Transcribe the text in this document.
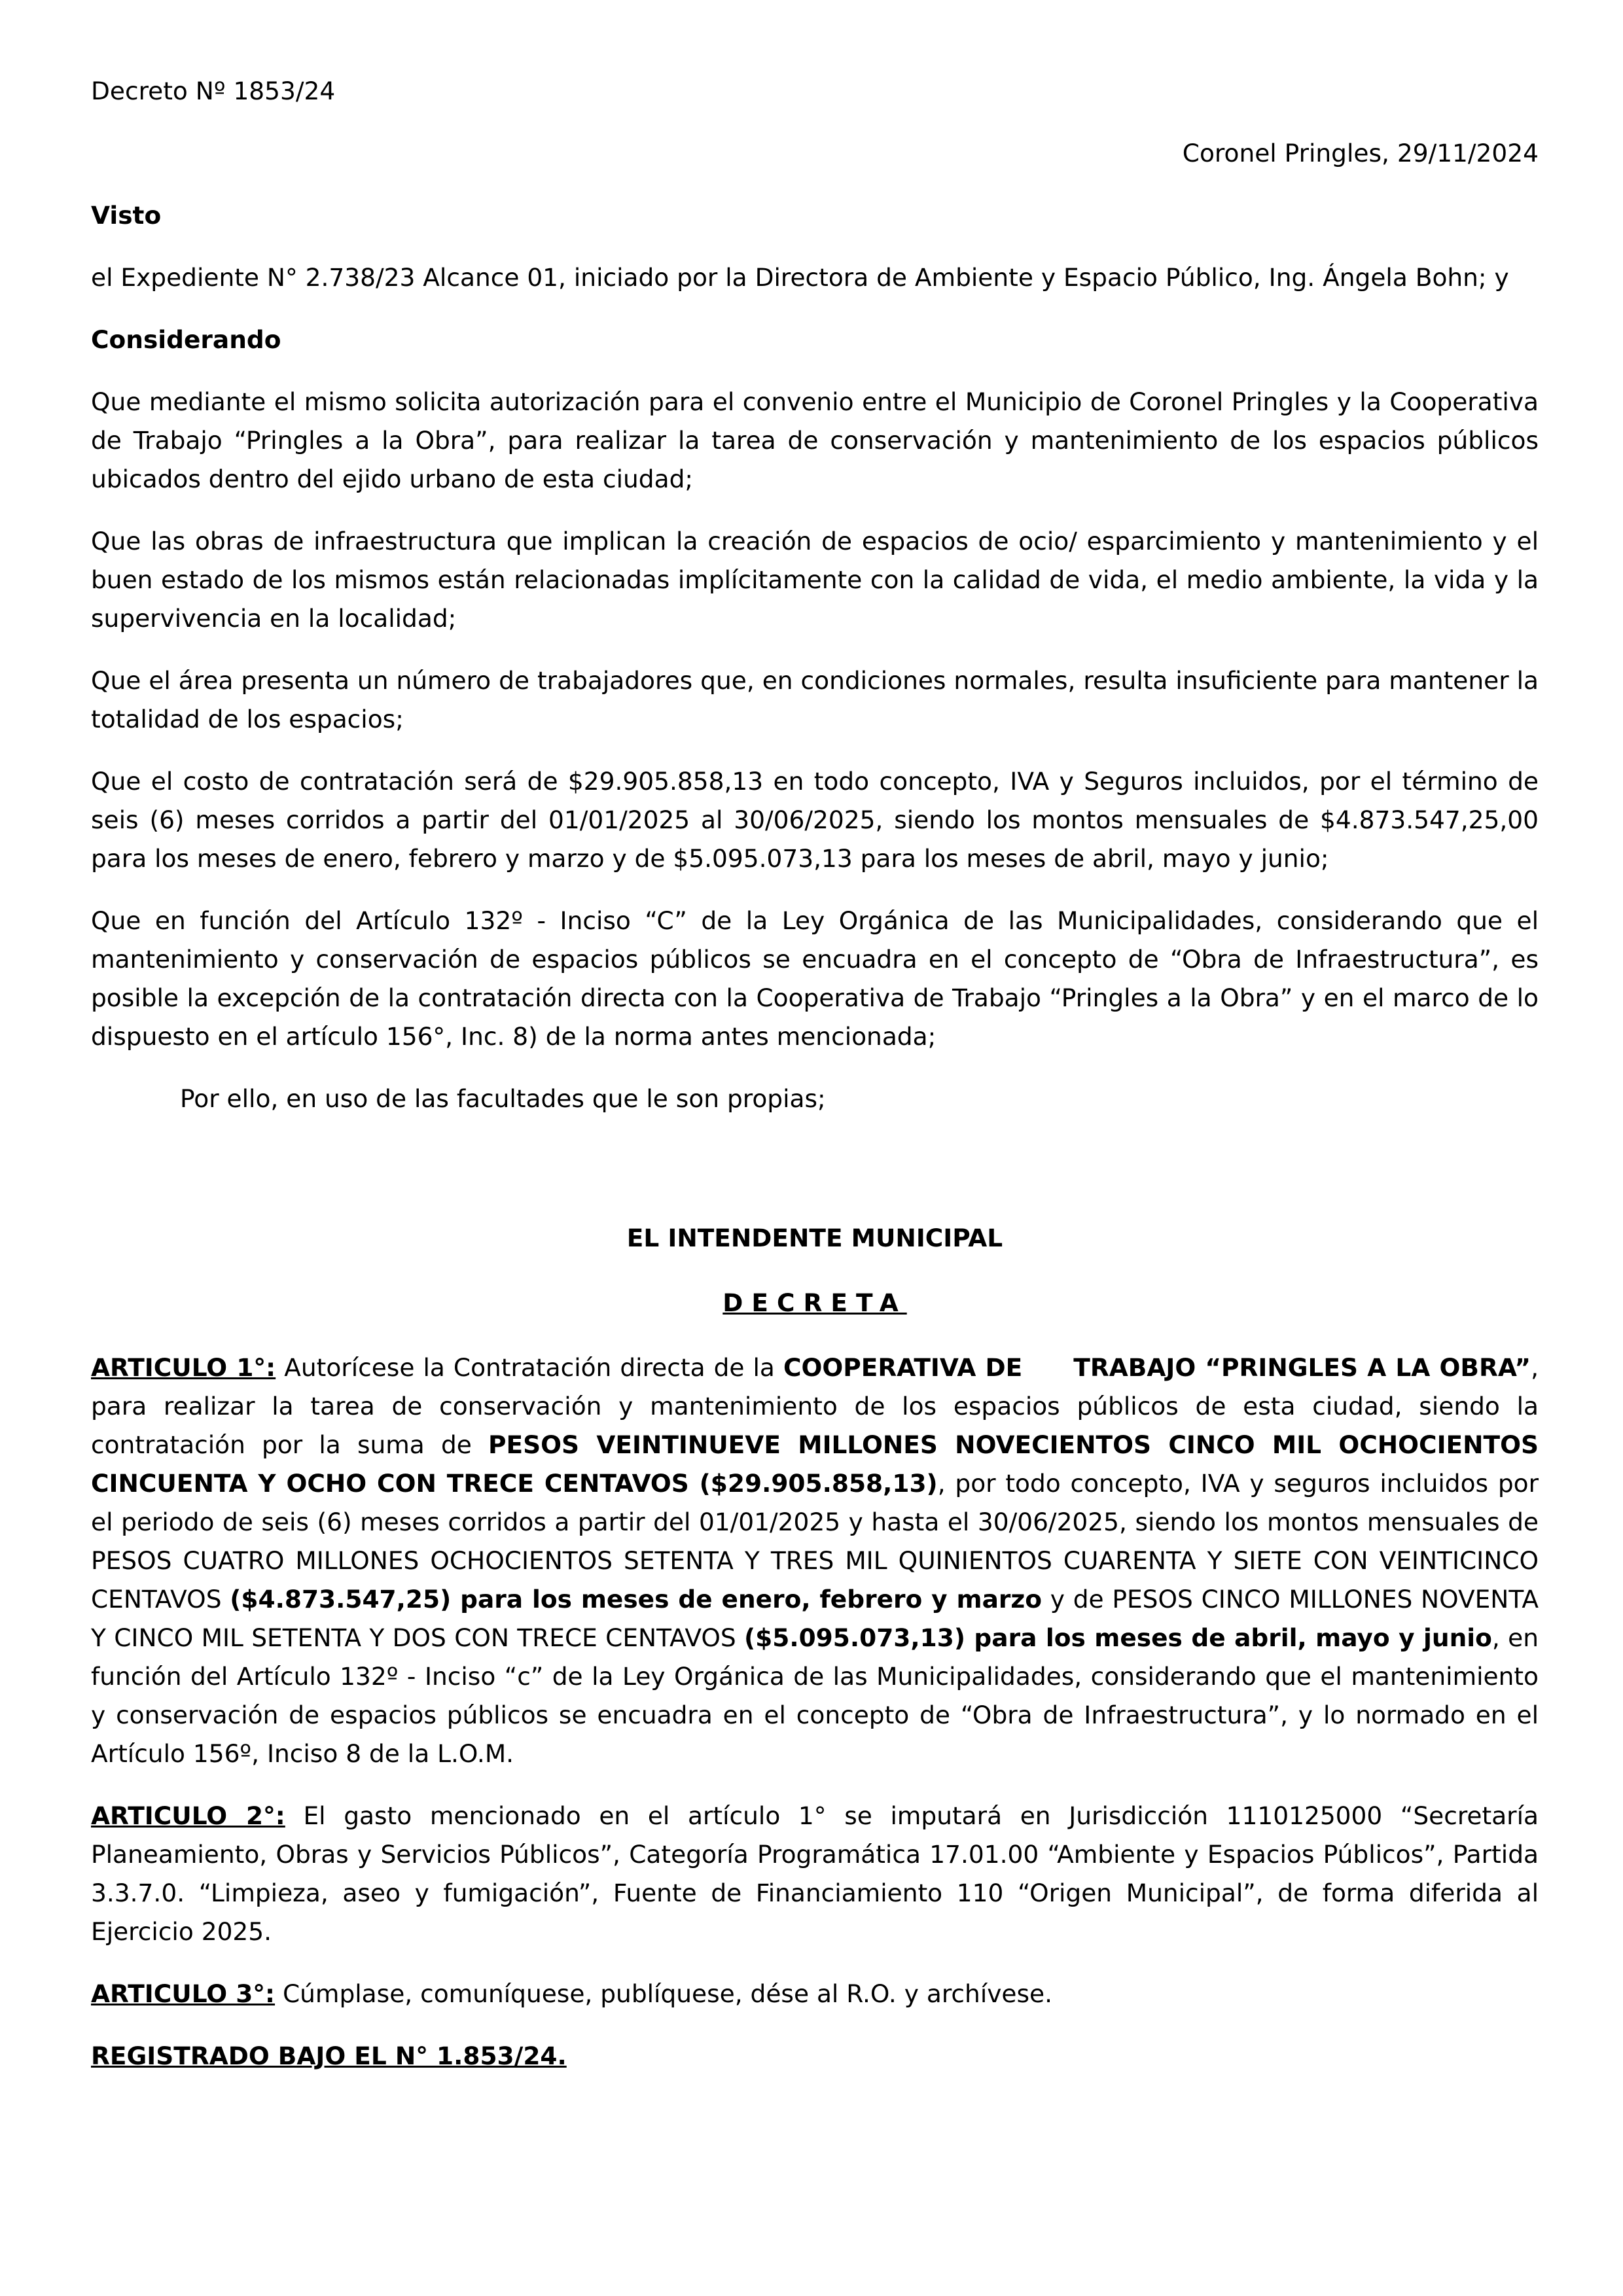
Decreto Nº 1853/24

Coronel Pringles, 29/11/2024

Visto

el Expediente N° 2.738/23 Alcance 01, iniciado por la Directora de Ambiente y Espacio Público, Ing. Ángela Bohn; y

Considerando

Que mediante el mismo solicita autorización para el convenio entre el Municipio de Coronel Pringles y la Cooperativa de Trabajo “Pringles a la Obra”, para realizar la tarea de conservación y mantenimiento de los espacios públicos ubicados dentro del ejido urbano de esta ciudad;

Que las obras de infraestructura que implican la creación de espacios de ocio/ esparcimiento y mantenimiento y el buen estado de los mismos están relacionadas implícitamente con la calidad de vida, el medio ambiente, la vida y la supervivencia en la localidad;

Que el área presenta un número de trabajadores que, en condiciones normales, resulta insuficiente para mantener la totalidad de los espacios;

Que el costo de contratación será de $29.905.858,13 en todo concepto, IVA y Seguros incluidos, por el término de seis (6) meses corridos a partir del 01/01/2025 al 30/06/2025, siendo los montos mensuales de $4.873.547,25,00 para los meses de enero, febrero y marzo y de $5.095.073,13 para los meses de abril, mayo y junio;

Que en función del Artículo 132º - Inciso “C” de la Ley Orgánica de las Municipalidades, considerando que el mantenimiento y conservación de espacios públicos se encuadra en el concepto de “Obra de Infraestructura”, es posible la excepción de la contratación directa con la Cooperativa de Trabajo “Pringles a la Obra” y en el marco de lo dispuesto en el artículo 156°, Inc. 8) de la norma antes mencionada;

Por ello, en uso de las facultades que le son propias;

EL INTENDENTE MUNICIPAL

DECRETA

ARTICULO 1°: Autorícese la Contratación directa de la COOPERATIVA DE TRABAJO “PRINGLES A LA OBRA”, para realizar la tarea de conservación y mantenimiento de los espacios públicos de esta ciudad, siendo la contratación por la suma de PESOS VEINTINUEVE MILLONES NOVECIENTOS CINCO MIL OCHOCIENTOS CINCUENTA Y OCHO CON TRECE CENTAVOS ($29.905.858,13), por todo concepto, IVA y seguros incluidos por el periodo de seis (6) meses corridos a partir del 01/01/2025 y hasta el 30/06/2025, siendo los montos mensuales de PESOS CUATRO MILLONES OCHOCIENTOS SETENTA Y TRES MIL QUINIENTOS CUARENTA Y SIETE CON VEINTICINCO CENTAVOS ($4.873.547,25) para los meses de enero, febrero y marzo y de PESOS CINCO MILLONES NOVENTA Y CINCO MIL SETENTA Y DOS CON TRECE CENTAVOS ($5.095.073,13) para los meses de abril, mayo y junio, en función del Artículo 132º - Inciso “c” de la Ley Orgánica de las Municipalidades, considerando que el mantenimiento y conservación de espacios públicos se encuadra en el concepto de “Obra de Infraestructura”, y lo normado en el Artículo 156º, Inciso 8 de la L.O.M.

ARTICULO 2°: El gasto mencionado en el artículo 1° se imputará en Jurisdicción 1110125000 “Secretaría Planeamiento, Obras y Servicios Públicos”, Categoría Programática 17.01.00 “Ambiente y Espacios Públicos”, Partida 3.3.7.0. “Limpieza, aseo y fumigación”, Fuente de Financiamiento 110 “Origen Municipal”, de forma diferida al Ejercicio 2025.

ARTICULO 3°: Cúmplase, comuníquese, publíquese, dése al R.O. y archívese.

REGISTRADO BAJO EL N° 1.853/24.
